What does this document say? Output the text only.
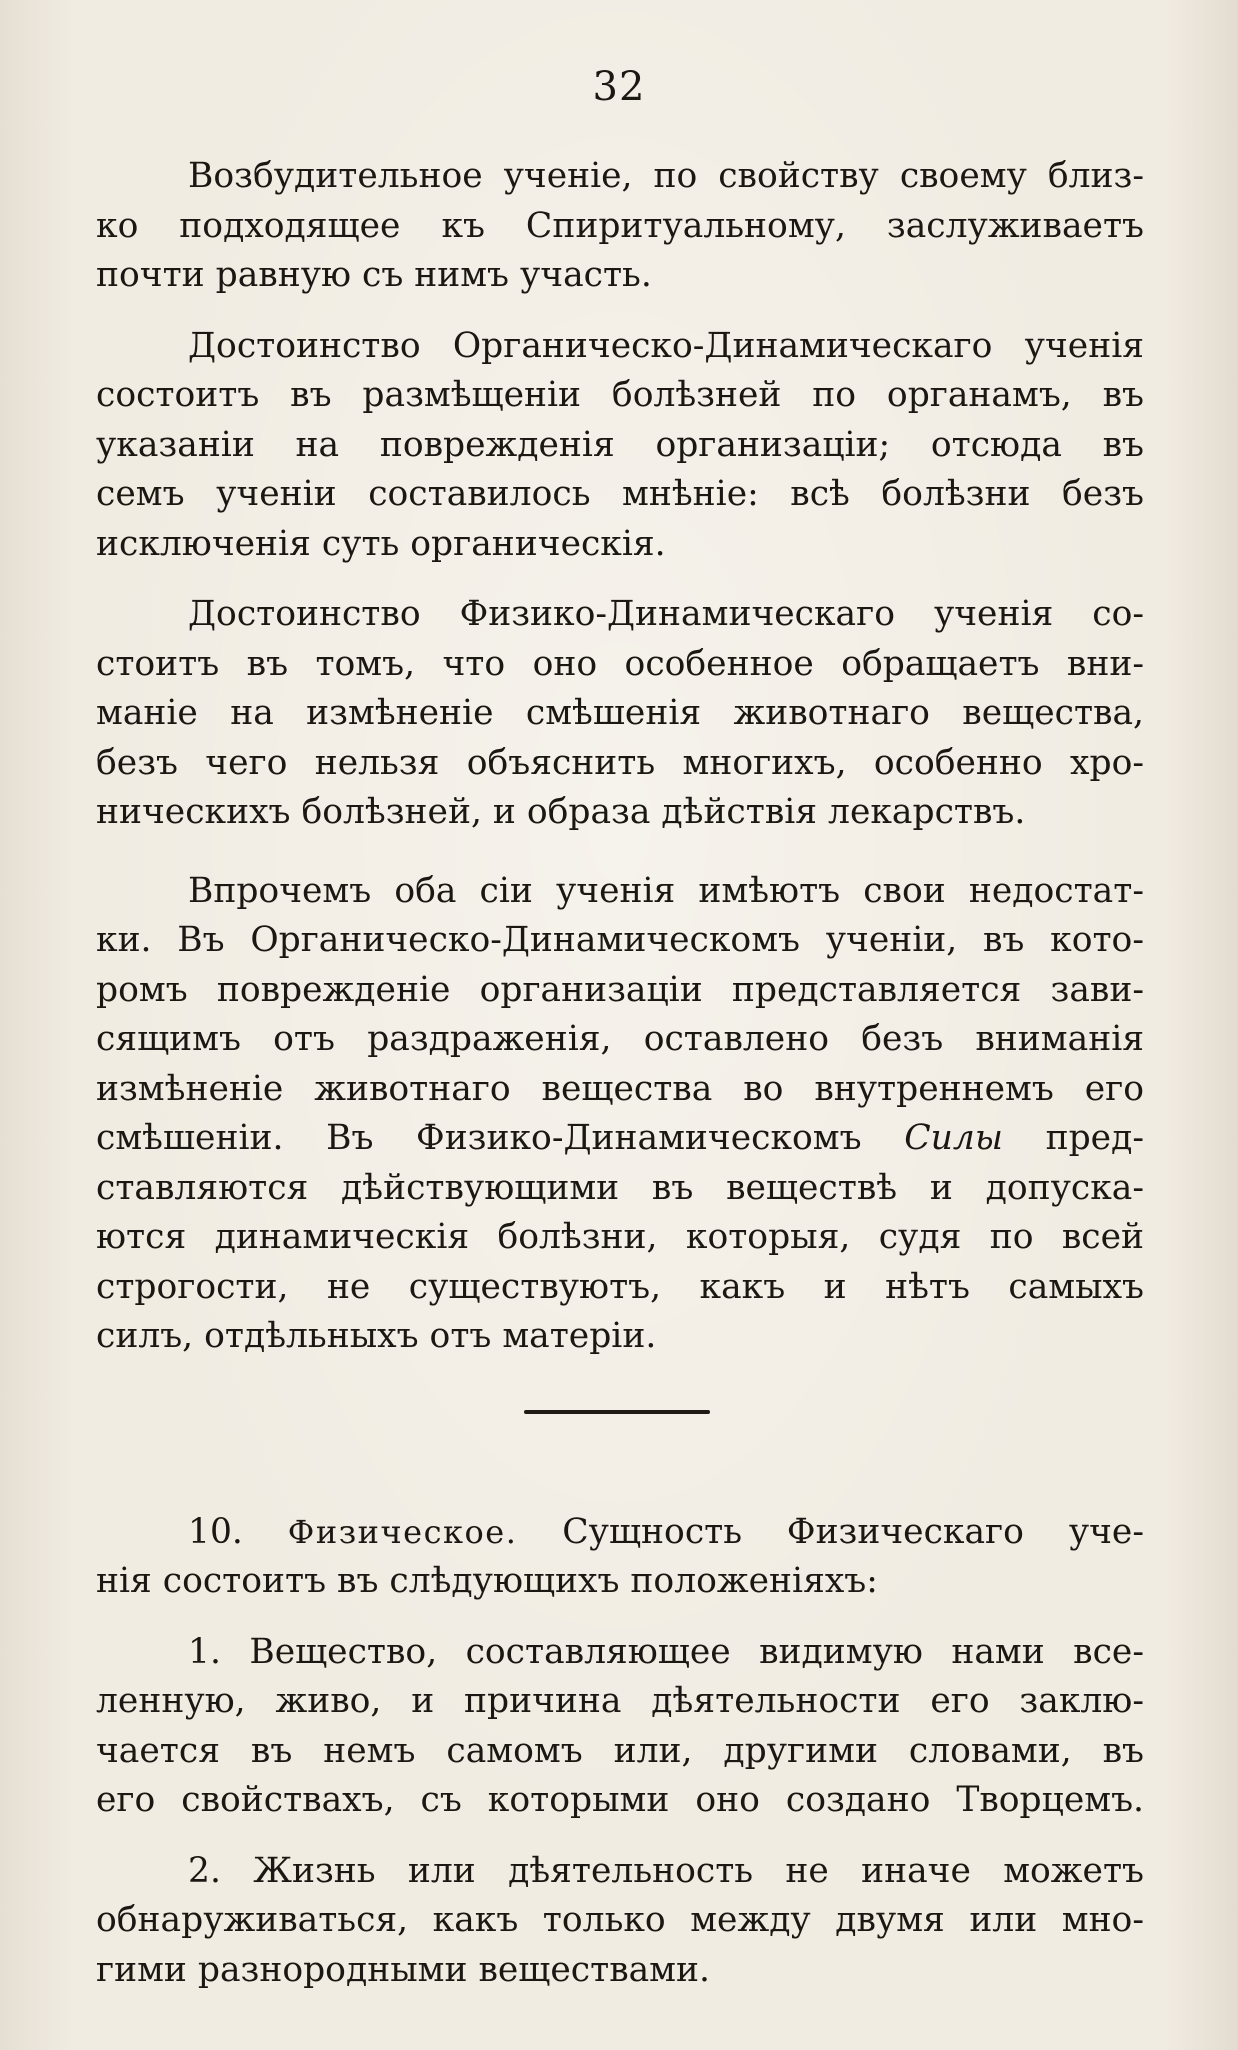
32
Возбудительное ученіе, по свойству своему близ-
ко подходящее къ Спиритуальному, заслуживаетъ
почти равную съ нимъ участь.
Достоинство Органическо-Динамическаго ученія
состоитъ въ размѣщеніи болѣзней по органамъ, въ
указаніи на поврежденія организаціи; отсюда въ
семъ ученіи составилось мнѣніе: всѣ болѣзни безъ
исключенія суть органическія.
Достоинство Физико-Динамическаго ученія со-
стоитъ въ томъ, что оно особенное обращаетъ вни-
маніе на измѣненіе смѣшенія животнаго вещества,
безъ чего нельзя объяснить многихъ, особенно хро-
ническихъ болѣзней, и образа дѣйствія лекарствъ.
Впрочемъ оба сіи ученія имѣютъ свои недостат-
ки. Въ Органическо-Динамическомъ ученіи, въ кото-
ромъ поврежденіе организаціи представляется зави-
сящимъ отъ раздраженія, оставлено безъ вниманія
измѣненіе животнаго вещества во внутреннемъ его
смѣшеніи. Въ Физико-Динамическомъ Силы пред-
ставляются дѣйствующими въ веществѣ и допуска-
ются динамическія болѣзни, которыя, судя по всей
строгости, не существуютъ, какъ и нѣтъ самыхъ
силъ, отдѣльныхъ отъ матеріи.
10. Физическое. Сущность Физическаго уче-
нія состоитъ въ слѣдующихъ положеніяхъ:
1. Вещество, составляющее видимую нами все-
ленную, живо, и причина дѣятельности его заклю-
чается въ немъ самомъ или, другими словами, въ
его свойствахъ, съ которыми оно создано Творцемъ.
2. Жизнь или дѣятельность не иначе можетъ
обнаруживаться, какъ только между двумя или мно-
гими разнородными веществами.
